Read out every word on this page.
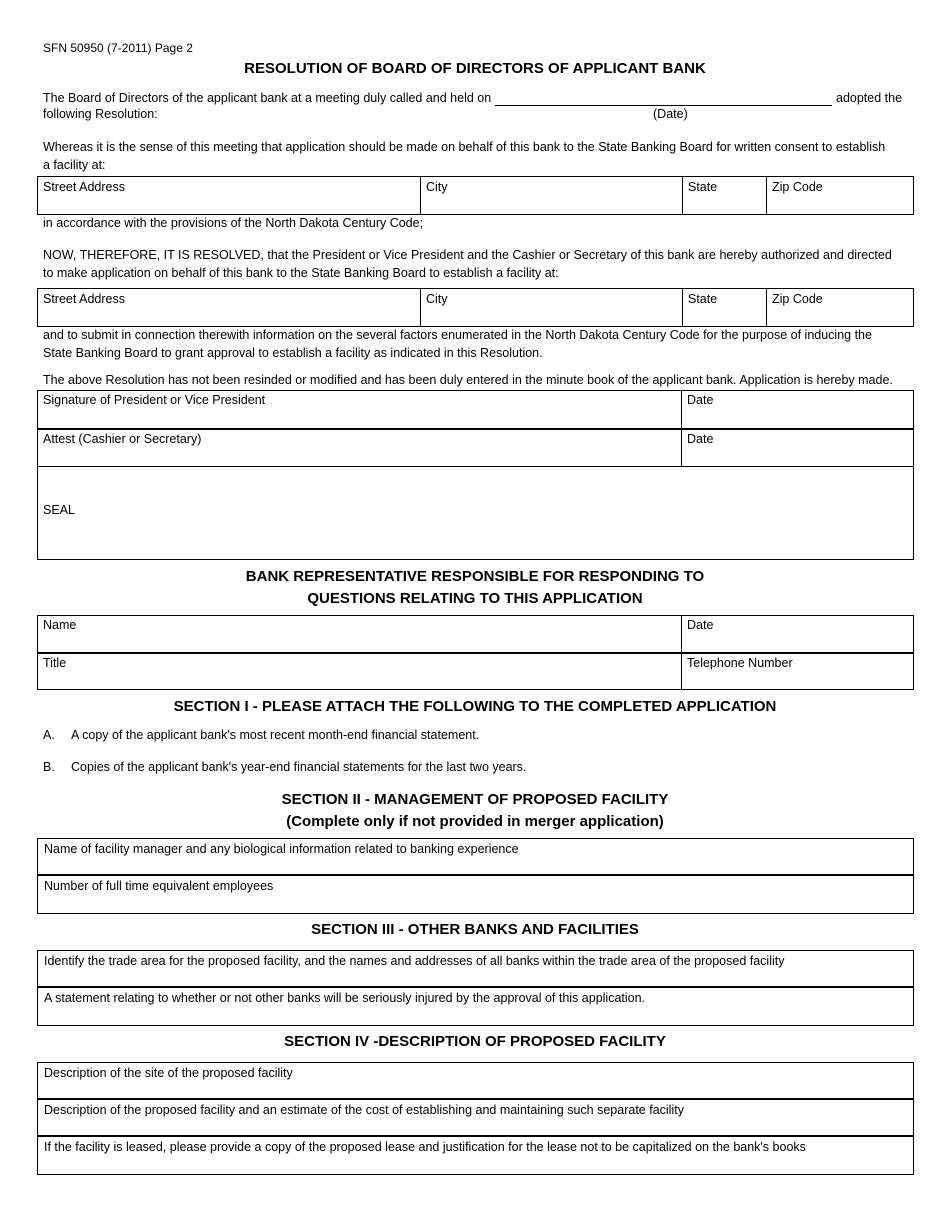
SFN 50950 (7-2011) Page 2
RESOLUTION OF BOARD OF DIRECTORS OF APPLICANT BANK
The Board of Directors of the applicant bank at a meeting duly called and held on	adopted the
following Resolution:	(Date)
Whereas it is the sense of this meeting that application should be made on behalf of this bank to the State Banking Board for written consent to establish
a facility at:
Street Address	City	State	Zip Code
in accordance with the provisions of the North Dakota Century Code;
NOW, THEREFORE, IT IS RESOLVED, that the President or Vice President and the Cashier or Secretary of this bank are hereby authorized and directed
to make application on behalf of this bank to the State Banking Board to establish a facility at:
Street Address	City	State	Zip Code
and to submit in connection therewith information on the several factors enumerated in the North Dakota Century Code for the purpose of inducing the
State Banking Board to grant approval to establish a facility as indicated in this Resolution.
The above Resolution has not been resinded or modified and has been duly entered in the minute book of the applicant bank. Application is hereby made.
Signature of President or Vice President	Date
Attest (Cashier or Secretary)	Date
SEAL
BANK REPRESENTATIVE RESPONSIBLE FOR RESPONDING TO
QUESTIONS RELATING TO THIS APPLICATION
Name	Date
Title	Telephone Number
SECTION I - PLEASE ATTACH THE FOLLOWING TO THE COMPLETED APPLICATION
A. A copy of the applicant bank's most recent month-end financial statement.
B. Copies of the applicant bank's year-end financial statements for the last two years.
SECTION II - MANAGEMENT OF PROPOSED FACILITY
(Complete only if not provided in merger application)
Name of facility manager and any biological information related to banking experience
Number of full time equivalent employees
SECTION III - OTHER BANKS AND FACILITIES
Identify the trade area for the proposed facility, and the names and addresses of all banks within the trade area of the proposed facility
A statement relating to whether or not other banks will be seriously injured by the approval of this application.
SECTION IV -DESCRIPTION OF PROPOSED FACILITY
Description of the site of the proposed facility
Description of the proposed facility and an estimate of the cost of establishing and maintaining such separate facility
If the facility is leased, please provide a copy of the proposed lease and justification for the lease not to be capitalized on the bank's books
